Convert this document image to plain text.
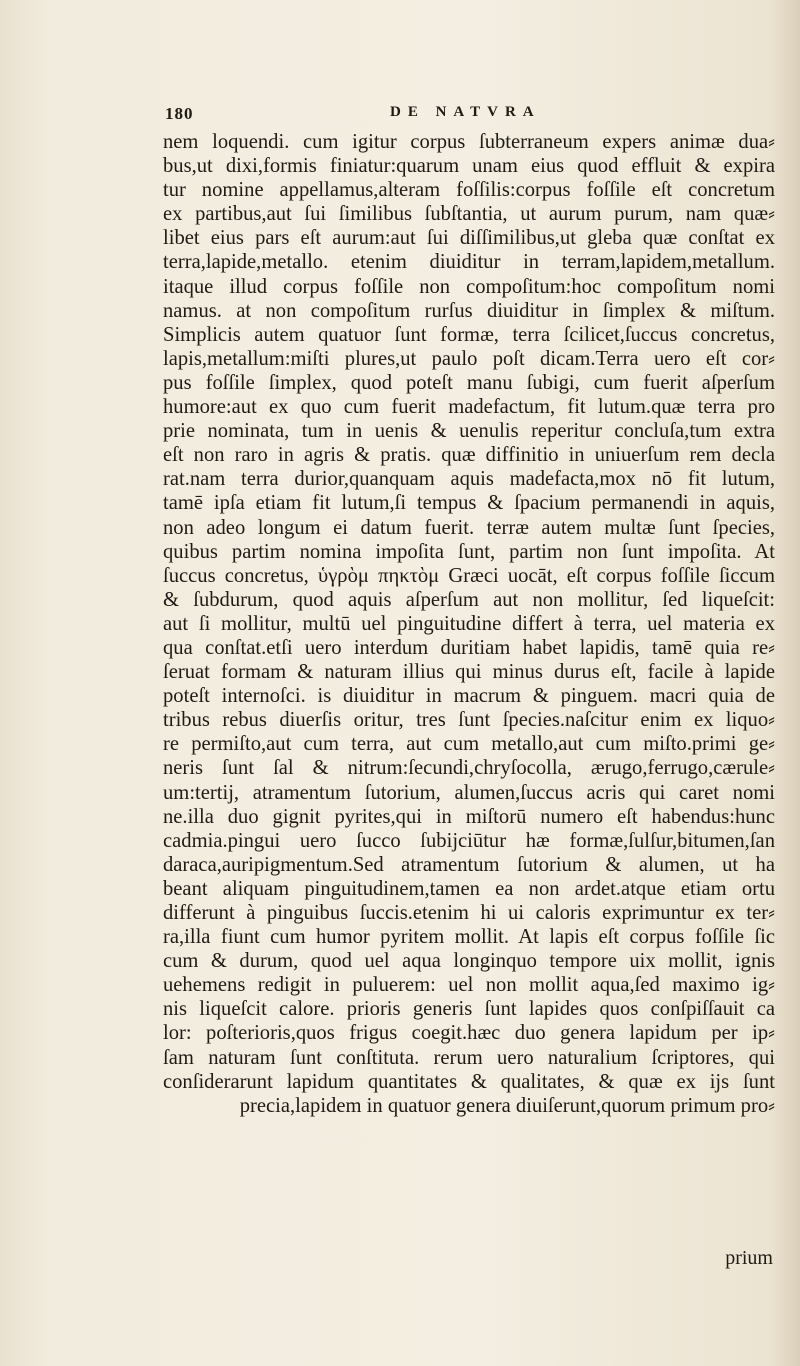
180	DE NATVRA
nem loquendi. cum igitur corpus ſubterraneum expers animæ dua⸗
bus,ut dixi,formis finiatur:quarum unam eius quod effluit & expira
tur nomine appellamus,alteram foſſilis:corpus foſſile eſt concretum
ex partibus,aut ſui ſimilibus ſubſtantia, ut aurum purum, nam quæ⸗
libet eius pars eſt aurum:aut ſui diſſimilibus,ut gleba quæ conſtat ex
terra,lapide,metallo. etenim diuiditur in terram,lapidem,metallum.
itaque illud corpus foſſile non compoſitum:hoc compoſitum nomi
namus. at non compoſitum rurſus diuiditur in ſimplex & miſtum.
Simplicis autem quatuor ſunt formæ, terra ſcilicet,ſuccus concretus,
lapis,metallum:miſti plures,ut paulo poſt dicam.Terra uero eſt cor⸗
pus foſſile ſimplex, quod poteſt manu ſubigi, cum fuerit aſperſum
humore:aut ex quo cum fuerit madefactum, fit lutum.quæ terra pro
prie nominata, tum in uenis & uenulis reperitur concluſa,tum extra
eſt non raro in agris & pratis. quæ diffinitio in uniuerſum rem decla
rat.nam terra durior,quanquam aquis madefacta,mox nō fit lutum,
tamē ipſa etiam fit lutum,ſi tempus & ſpacium permanendi in aquis,
non adeo longum ei datum fuerit. terræ autem multæ ſunt ſpecies,
quibus partim nomina impoſita ſunt, partim non ſunt impoſita. At
ſuccus concretus, ὑγρὸμ πηκτὸμ Græci uocāt, eſt corpus foſſile ſiccum
& ſubdurum, quod aquis aſperſum aut non mollitur, ſed liqueſcit:
aut ſi mollitur, multū uel pinguitudine differt à terra, uel materia ex
qua conſtat.etſi uero interdum duritiam habet lapidis, tamē quia re⸗
ſeruat formam & naturam illius qui minus durus eſt, facile à lapide
poteſt internoſci. is diuiditur in macrum & pinguem. macri quia de
tribus rebus diuerſis oritur, tres ſunt ſpecies.naſcitur enim ex liquo⸗
re permiſto,aut cum terra, aut cum metallo,aut cum miſto.primi ge⸗
neris ſunt ſal & nitrum:ſecundi,chryſocolla, ærugo,ferrugo,cærule⸗
um:tertij, atramentum ſutorium, alumen,ſuccus acris qui caret nomi
ne.illa duo gignit pyrites,qui in miſtorū numero eſt habendus:hunc
cadmia.pingui uero ſucco ſubijciūtur hæ formæ,ſulſur,bitumen,ſan
daraca,auripigmentum.Sed atramentum ſutorium & alumen, ut ha
beant aliquam pinguitudinem,tamen ea non ardet.atque etiam ortu
differunt à pinguibus ſuccis.etenim hi ui caloris exprimuntur ex ter⸗
ra,illa fiunt cum humor pyritem mollit. At lapis eſt corpus foſſile ſic
cum & durum, quod uel aqua longinquo tempore uix mollit, ignis
uehemens redigit in puluerem: uel non mollit aqua,ſed maximo ig⸗
nis liqueſcit calore. prioris generis ſunt lapides quos conſpiſſauit ca
lor: poſterioris,quos frigus coegit.hæc duo genera lapidum per ip⸗
ſam naturam ſunt conſtituta. rerum uero naturalium ſcriptores, qui
conſiderarunt lapidum quantitates & qualitates, & quæ ex ijs ſunt
precia,lapidem in quatuor genera diuiſerunt,quorum primum pro⸗
prium
